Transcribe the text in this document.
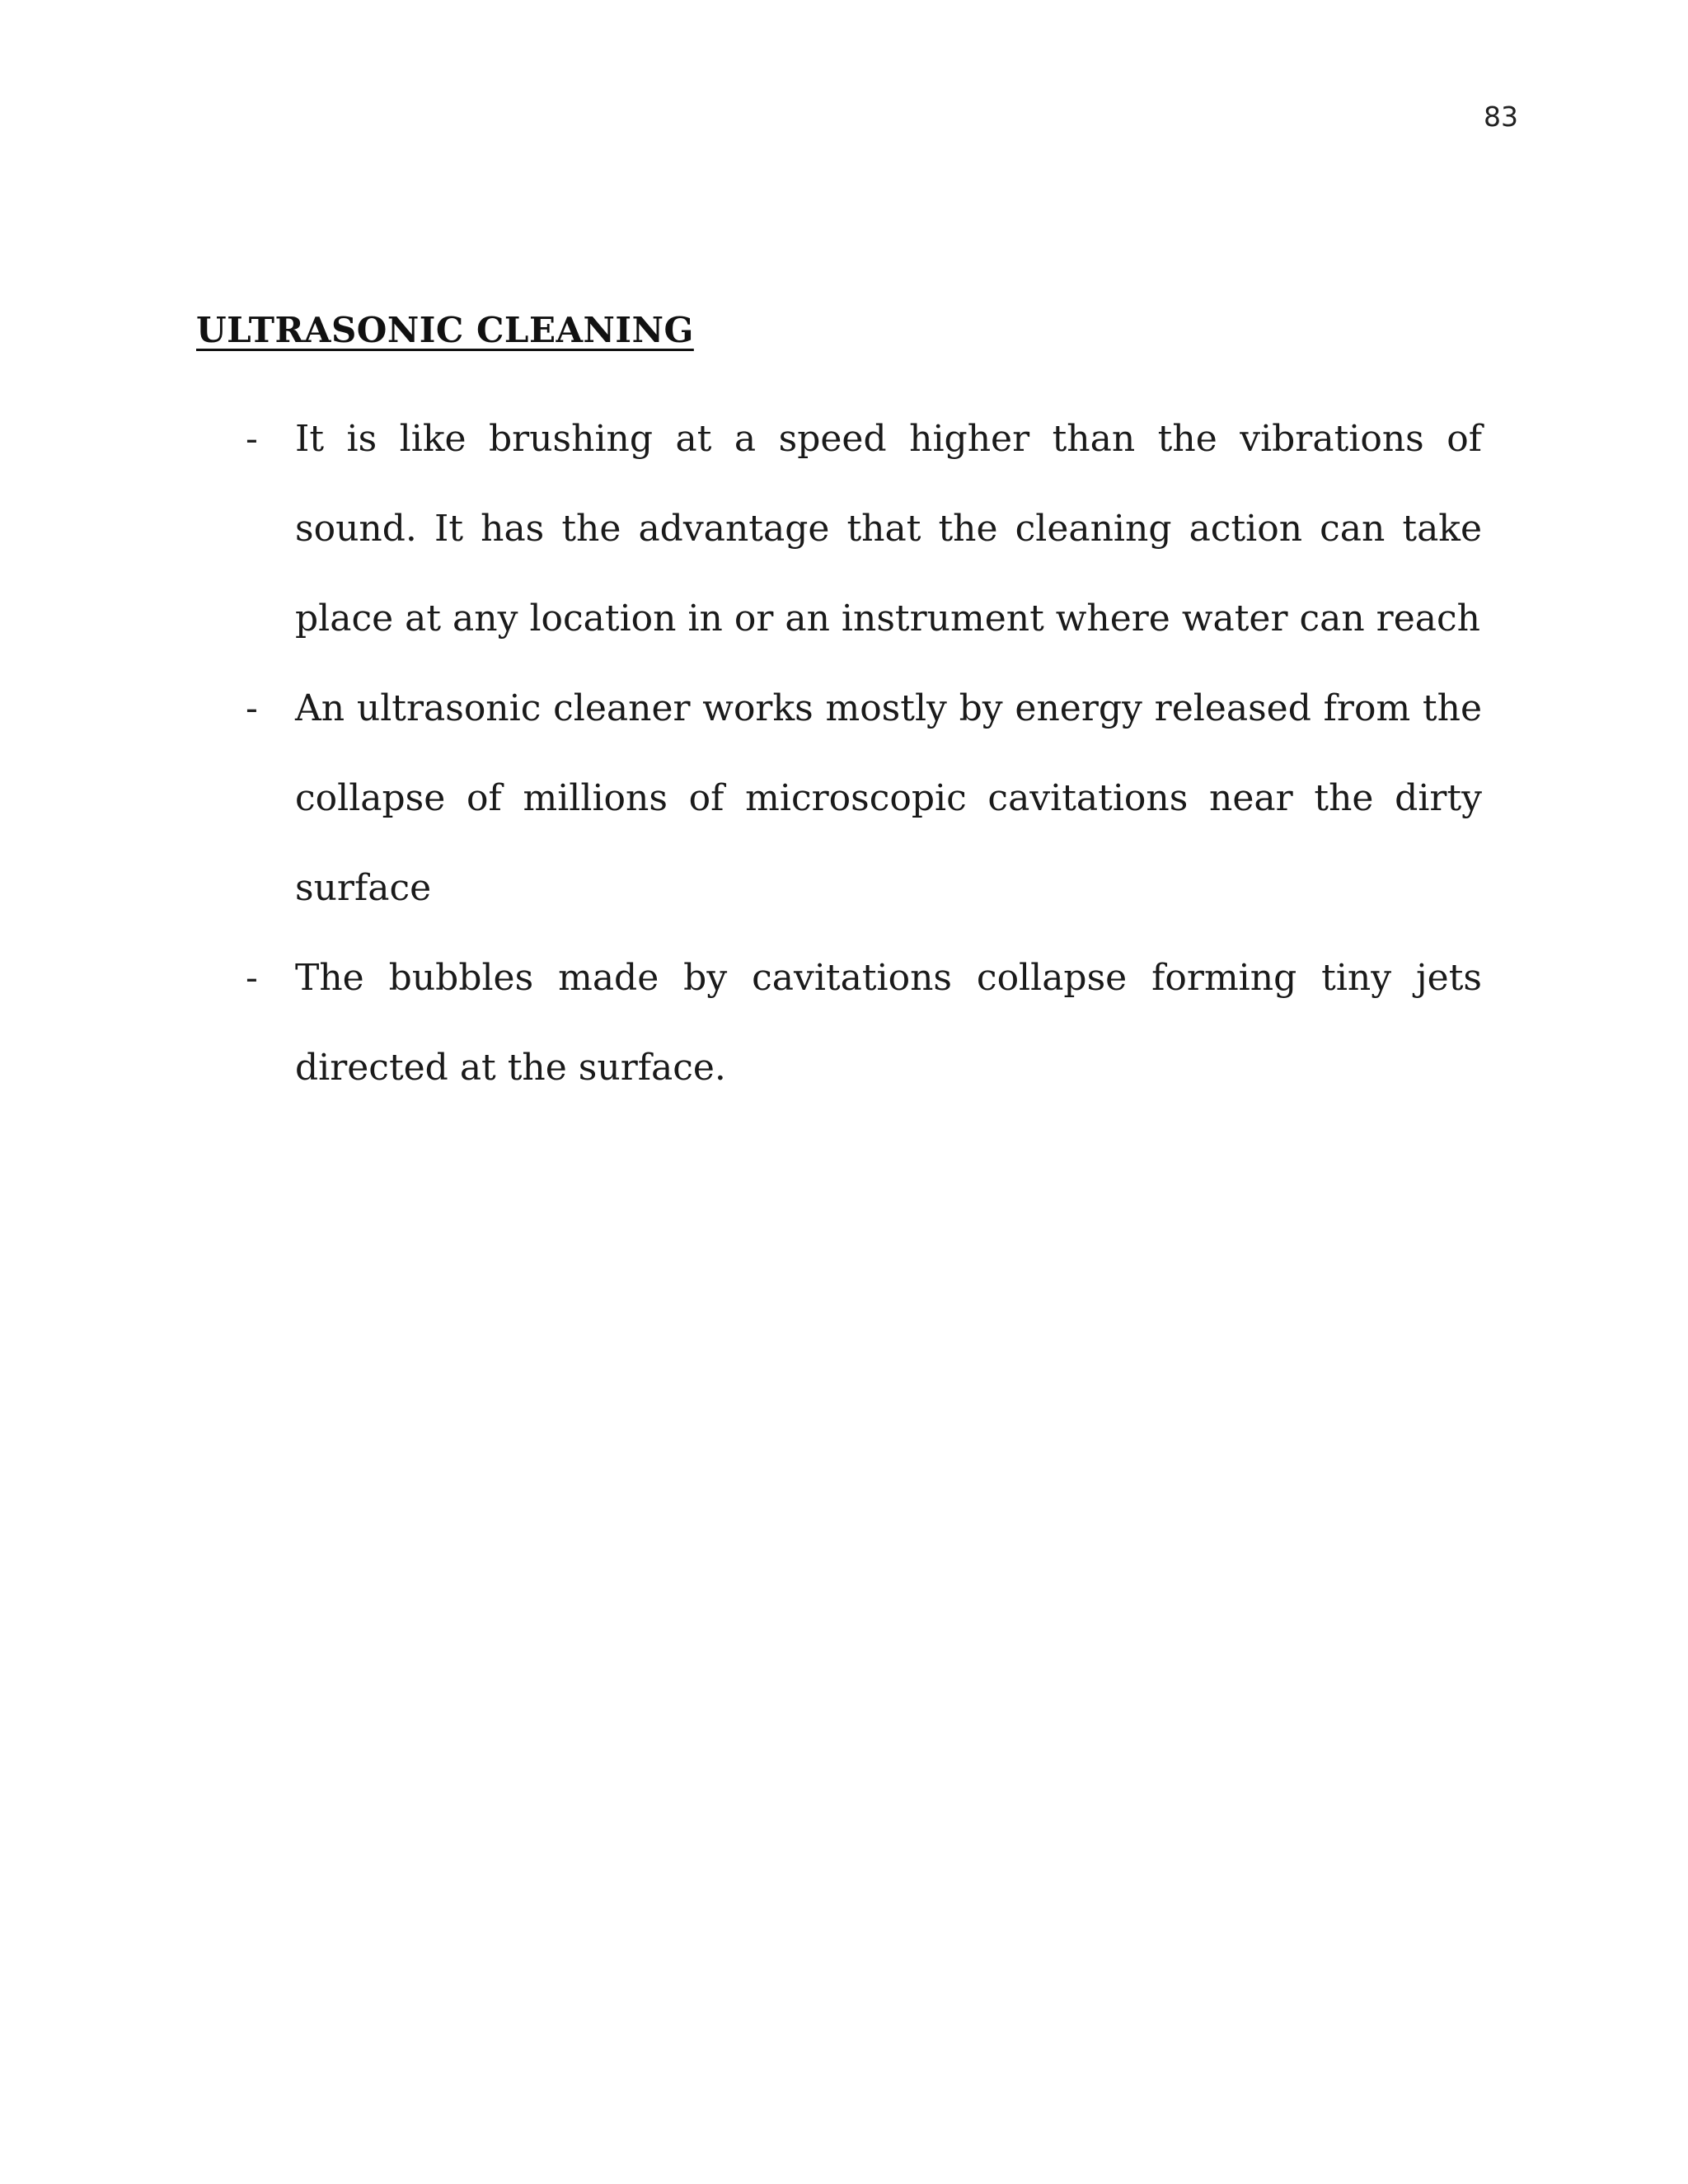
83
ULTRASONIC CLEANING
- It is like brushing at a speed higher than the vibrations of sound. It has the advantage that the cleaning action can take place at any location in or an instrument where water can reach
- An ultrasonic cleaner works mostly by energy released from the collapse of millions of microscopic cavitations near the dirty surface
- The bubbles made by cavitations collapse forming tiny jets directed at the surface.
